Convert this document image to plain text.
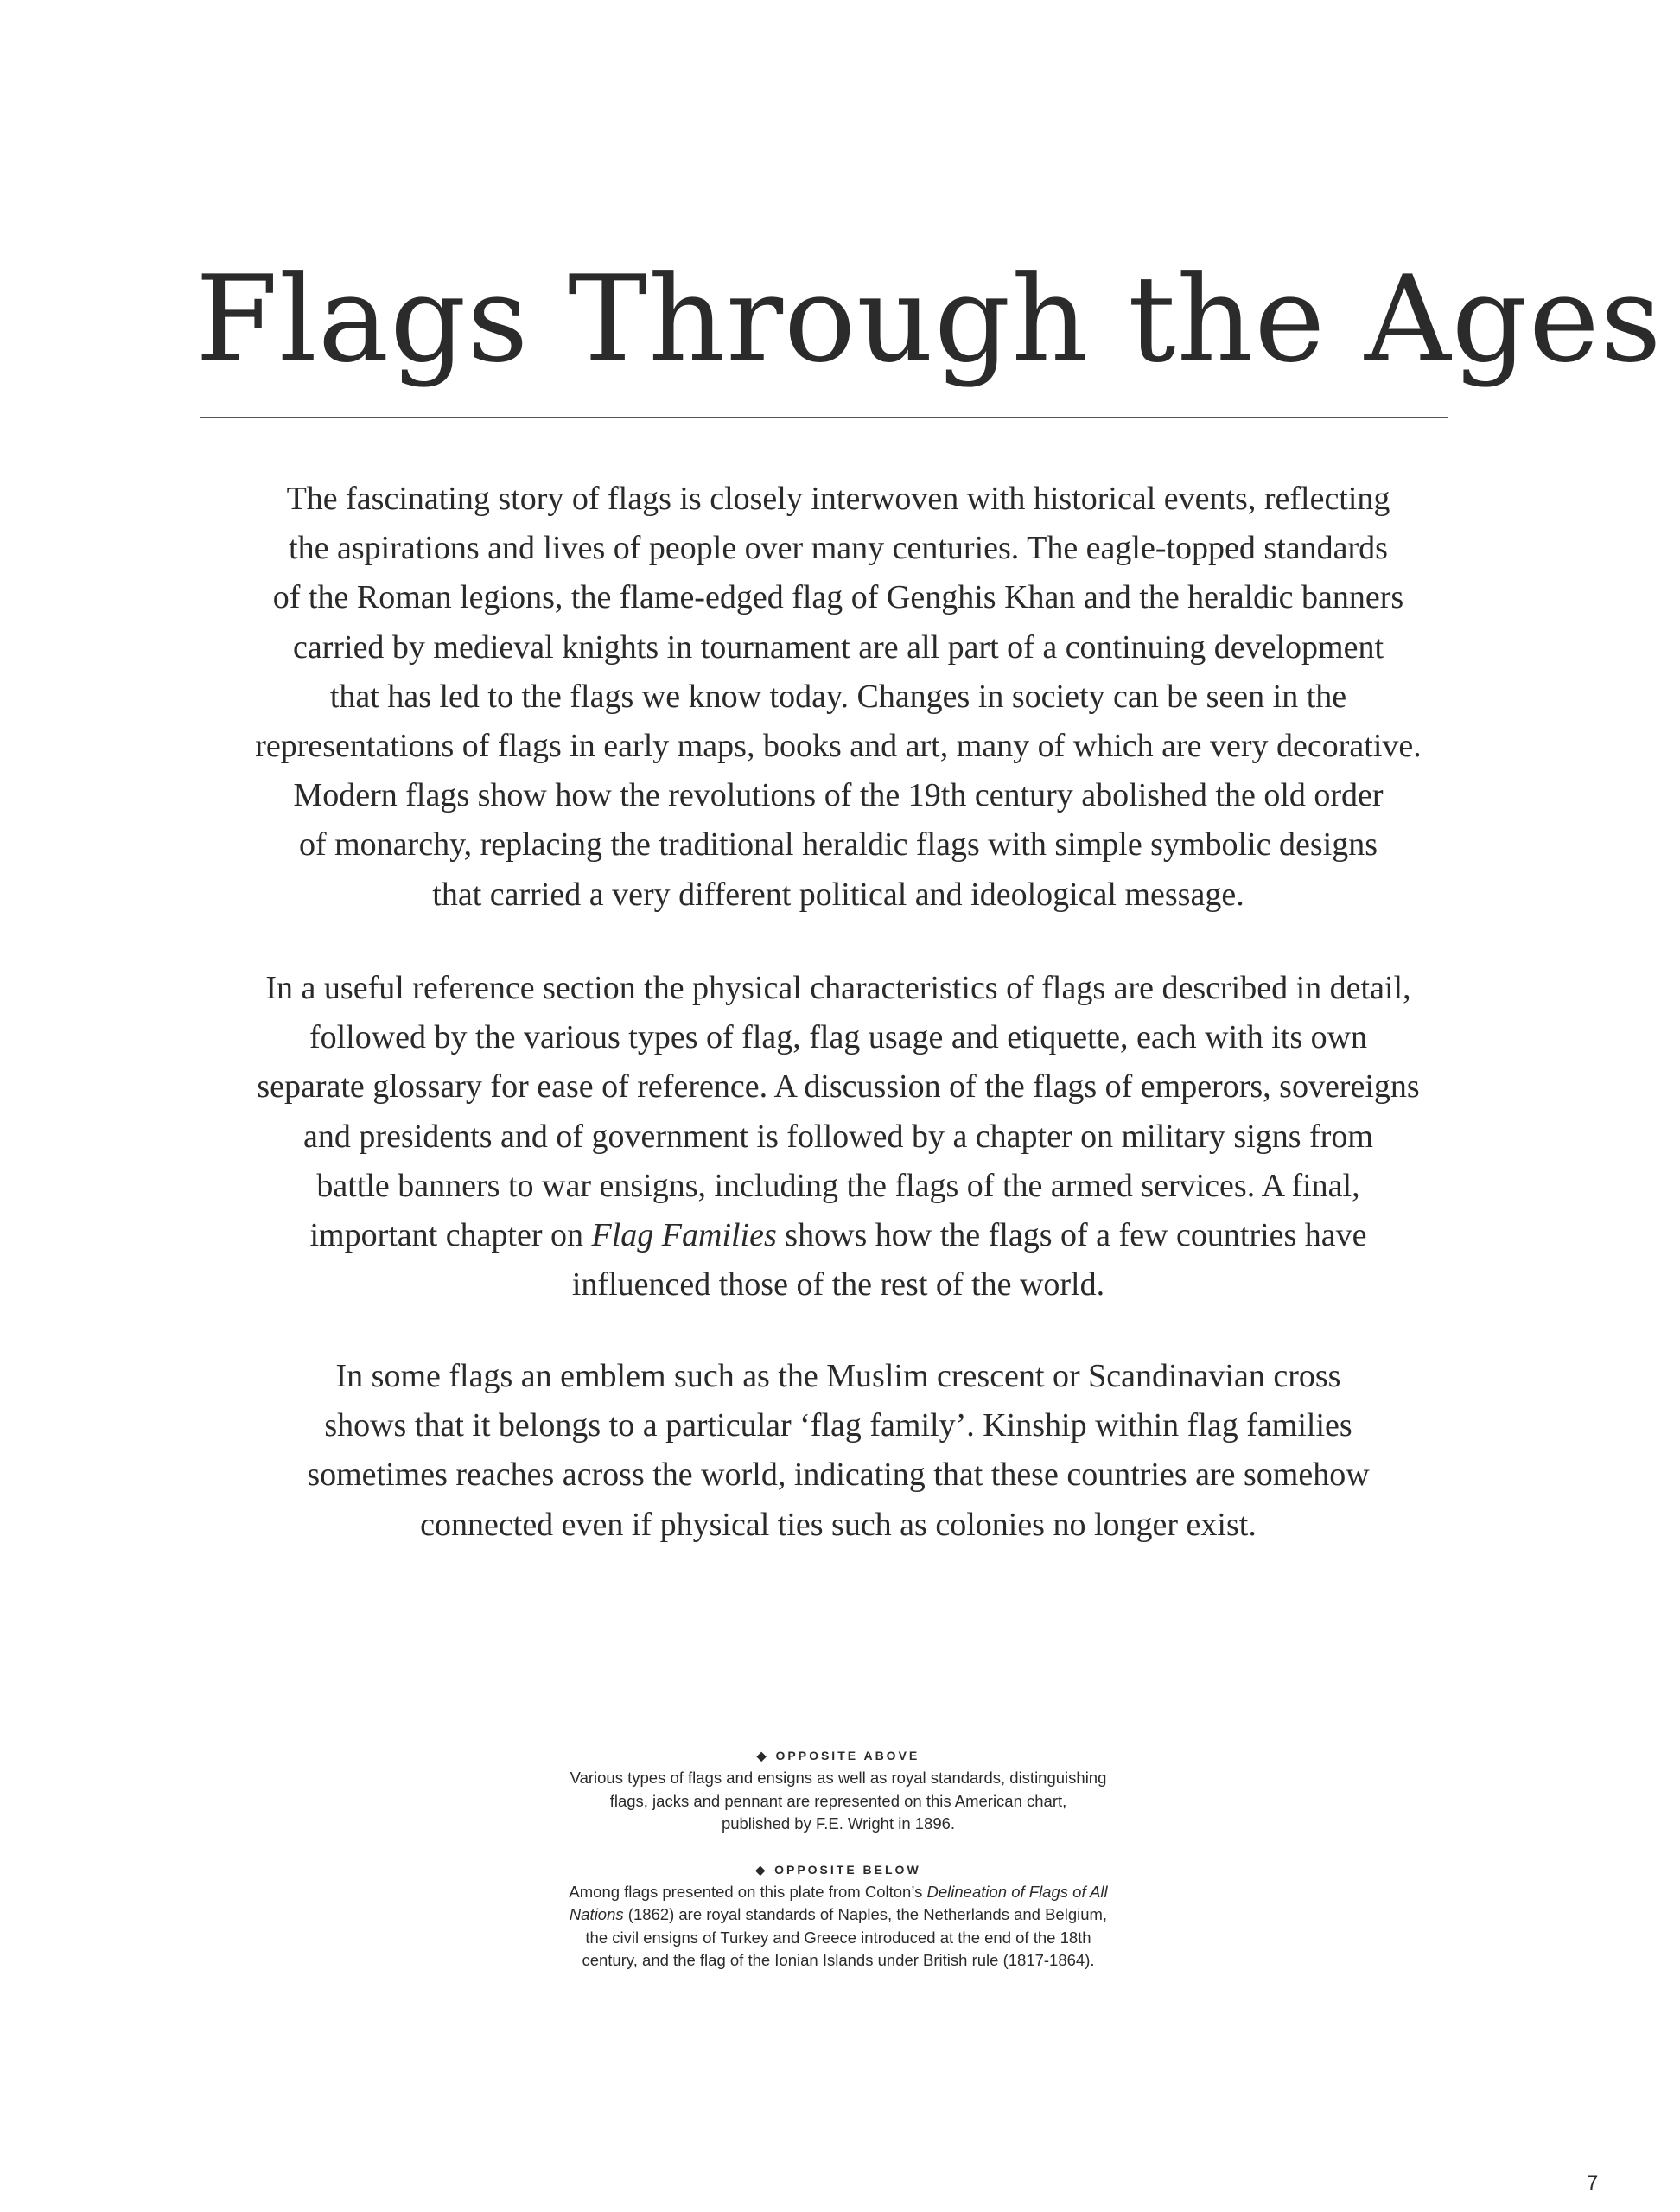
Flags Through the Ages

The fascinating story of flags is closely interwoven with historical events, reflecting
the aspirations and lives of people over many centuries. The eagle-topped standards
of the Roman legions, the flame-edged flag of Genghis Khan and the heraldic banners
carried by medieval knights in tournament are all part of a continuing development
that has led to the flags we know today. Changes in society can be seen in the
representations of flags in early maps, books and art, many of which are very decorative.
Modern flags show how the revolutions of the 19th century abolished the old order
of monarchy, replacing the traditional heraldic flags with simple symbolic designs
that carried a very different political and ideological message.

In a useful reference section the physical characteristics of flags are described in detail,
followed by the various types of flag, flag usage and etiquette, each with its own
separate glossary for ease of reference. A discussion of the flags of emperors, sovereigns
and presidents and of government is followed by a chapter on military signs from
battle banners to war ensigns, including the flags of the armed services. A final,
important chapter on Flag Families shows how the flags of a few countries have
influenced those of the rest of the world.

In some flags an emblem such as the Muslim crescent or Scandinavian cross
shows that it belongs to a particular ‘flag family’. Kinship within flag families
sometimes reaches across the world, indicating that these countries are somehow
connected even if physical ties such as colonies no longer exist.

◆ OPPOSITE ABOVE
Various types of flags and ensigns as well as royal standards, distinguishing
flags, jacks and pennant are represented on this American chart,
published by F.E. Wright in 1896.
◆ OPPOSITE BELOW
Among flags presented on this plate from Colton’s Delineation of Flags of All
Nations (1862) are royal standards of Naples, the Netherlands and Belgium,
the civil ensigns of Turkey and Greece introduced at the end of the 18th
century, and the flag of the Ionian Islands under British rule (1817-1864).
7
